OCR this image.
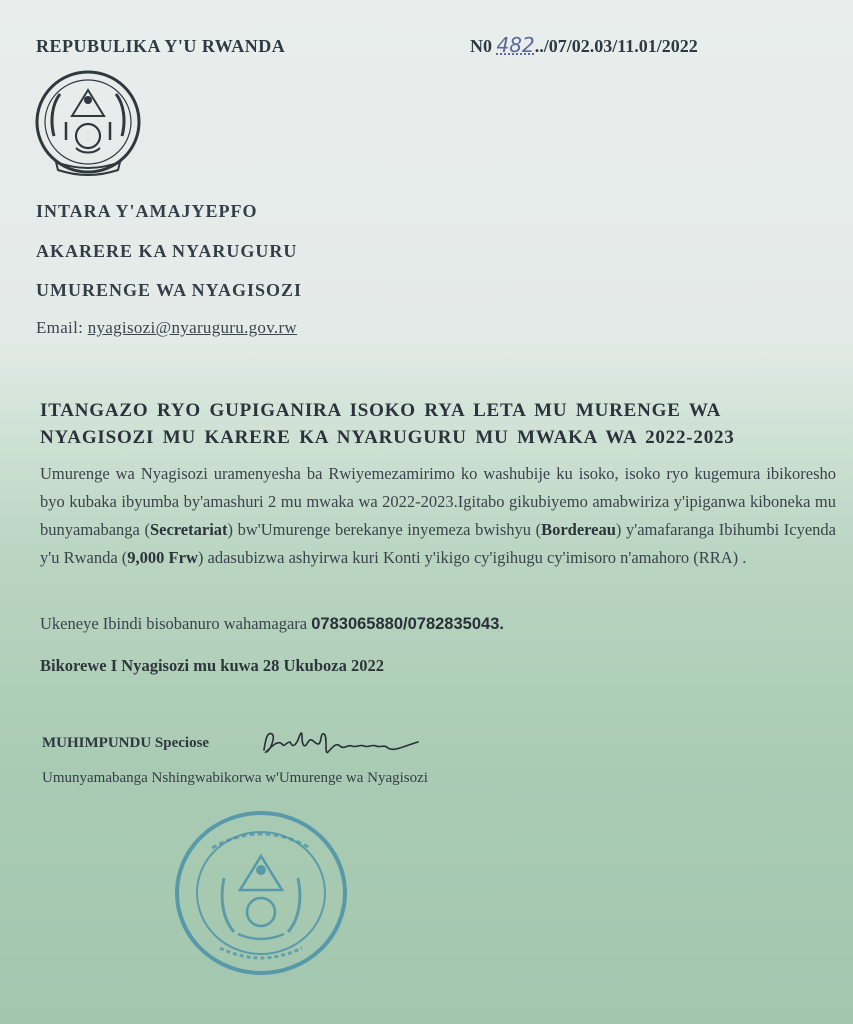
REPUBULIKA Y'U RWANDA	N0 482../07/02.03/11.01/2022
INTARA Y'AMAJYEPFO
AKARERE KA NYARUGURU
UMURENGE WA NYAGISOZI
Email: nyagisozi@nyaruguru.gov.rw
ITANGAZO RYO GUPIGANIRA ISOKO RYA LETA MU MURENGE WA
NYAGISOZI MU KARERE KA NYARUGURU MU MWAKA WA 2022-2023
Umurenge wa Nyagisozi uramenyesha ba Rwiyemezamirimo ko washubije ku isoko, isoko ryo kugemura ibikoresho byo kubaka ibyumba by'amashuri 2 mu mwaka wa 2022-2023.Igitabo gikubiyemo amabwiriza y'ipiganwa kiboneka mu bunyamabanga (Secretariat) bw'Umurenge berekanye inyemeza bwishyu (Bordereau) y'amafaranga Ibihumbi Icyenda y'u Rwanda (9,000 Frw) adasubizwa ashyirwa kuri Konti y'ikigo cy'igihugu cy'imisoro n'amahoro (RRA) .
Ukeneye Ibindi bisobanuro wahamagara 0783065880/0782835043.
Bikorewe I Nyagisozi mu kuwa 28 Ukuboza 2022
MUHIMPUNDU Speciose
Umunyamabanga Nshingwabikorwa w'Umurenge wa Nyagisozi
